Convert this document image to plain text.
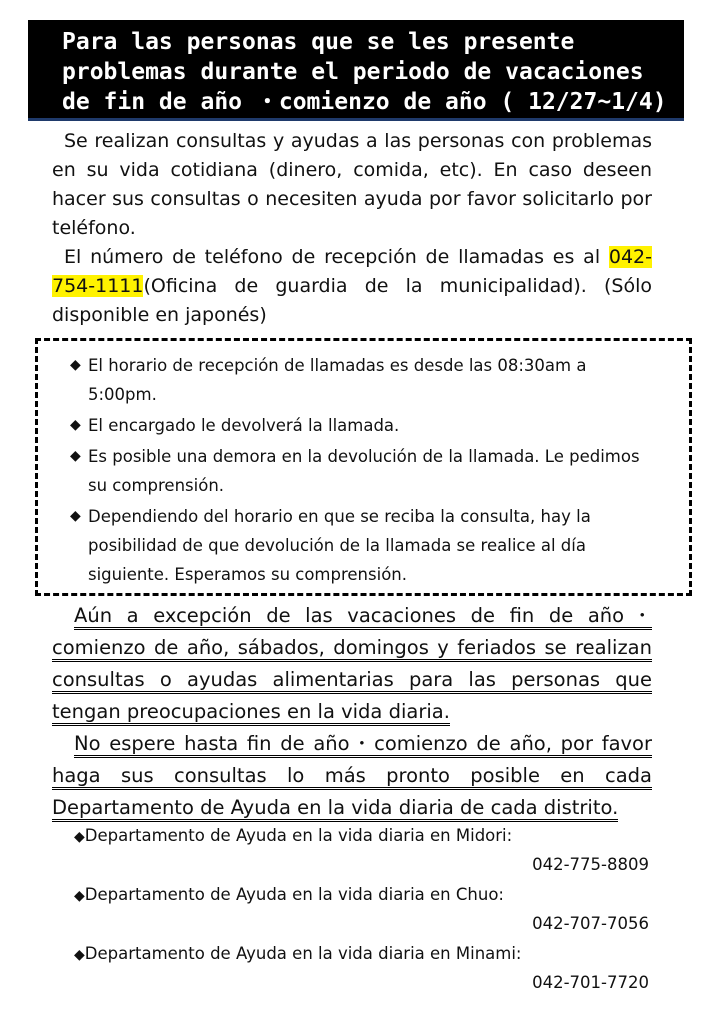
Para las personas que se les presente
problemas durante el periodo de vacaciones
de fin de año ・comienzo de año ( 12/27~1/4)

Se realizan consultas y ayudas a las personas con problemas en su vida cotidiana (dinero, comida, etc). En caso deseen hacer sus consultas o necesiten ayuda por favor solicitarlo por teléfono.

El número de teléfono de recepción de llamadas es al 042-754-1111(Oficina de guardia de la municipalidad). (Sólo disponible en japonés)

◆ El horario de recepción de llamadas es desde las 08:30am a 5:00pm.
◆ El encargado le devolverá la llamada.
◆ Es posible una demora en la devolución de la llamada. Le pedimos su comprensión.
◆ Dependiendo del horario en que se reciba la consulta, hay la posibilidad de que devolución de la llamada se realice al día siguiente. Esperamos su comprensión.

Aún a excepción de las vacaciones de fin de año・comienzo de año, sábados, domingos y feriados se realizan consultas o ayudas alimentarias para las personas que tengan preocupaciones en la vida diaria.

No espere hasta fin de año・comienzo de año, por favor haga sus consultas lo más pronto posible en cada Departamento de Ayuda en la vida diaria de cada distrito.

◆Departamento de Ayuda en la vida diaria en Midori:
042-775-8809
◆Departamento de Ayuda en la vida diaria en Chuo:
042-707-7056
◆Departamento de Ayuda en la vida diaria en Minami:
042-701-7720
